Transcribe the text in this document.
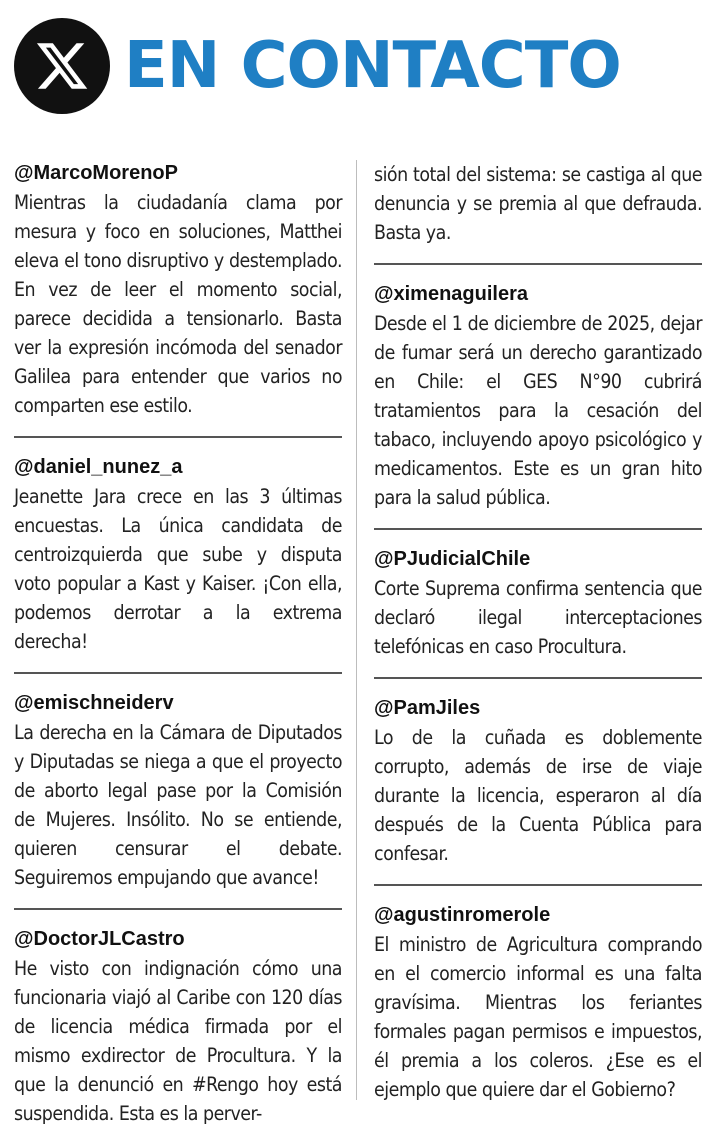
EN CONTACTO
@MarcoMorenoP
Mientras la ciudadanía clama por mesura y foco en soluciones, Matthei eleva el tono disruptivo y destemplado. En vez de leer el momento social, parece decidida a tensionarlo. Basta ver la expresión incómoda del senador Galilea para entender que varios no comparten ese estilo.
@daniel_nunez_a
Jeanette Jara crece en las 3 últimas encuestas. La única candidata de centroizquierda que sube y disputa voto popular a Kast y Kaiser. ¡Con ella, podemos derrotar a la extrema derecha!
@emischneiderv
La derecha en la Cámara de Diputados y Diputadas se niega a que el proyecto de aborto legal pase por la Comisión de Mujeres. Insólito. No se entiende, quieren censurar el debate. Seguiremos empujando que avance!
@DoctorJLCastro
He visto con indignación cómo una funcionaria viajó al Caribe con 120 días de licencia médica firmada por el mismo exdirector de Procultura. Y la que la denunció en #Rengo hoy está suspendida. Esta es la perver-
sión total del sistema: se castiga al que denuncia y se premia al que defrauda. Basta ya.
@ximenaguilera
Desde el 1 de diciembre de 2025, dejar de fumar será un derecho garantizado en Chile: el GES N°90 cubrirá tratamientos para la cesación del tabaco, incluyendo apoyo psicológico y medicamentos. Este es un gran hito para la salud pública.
@PJudicialChile
Corte Suprema confirma sentencia que declaró ilegal interceptaciones telefónicas en caso Procultura.
@PamJiles
Lo de la cuñada es doblemente corrupto, además de irse de viaje durante la licencia, esperaron al día después de la Cuenta Pública para confesar.
@agustinromerole
El ministro de Agricultura comprando en el comercio informal es una falta gravísima. Mientras los feriantes formales pagan permisos e impuestos, él premia a los coleros. ¿Ese es el ejemplo que quiere dar el Gobierno?
